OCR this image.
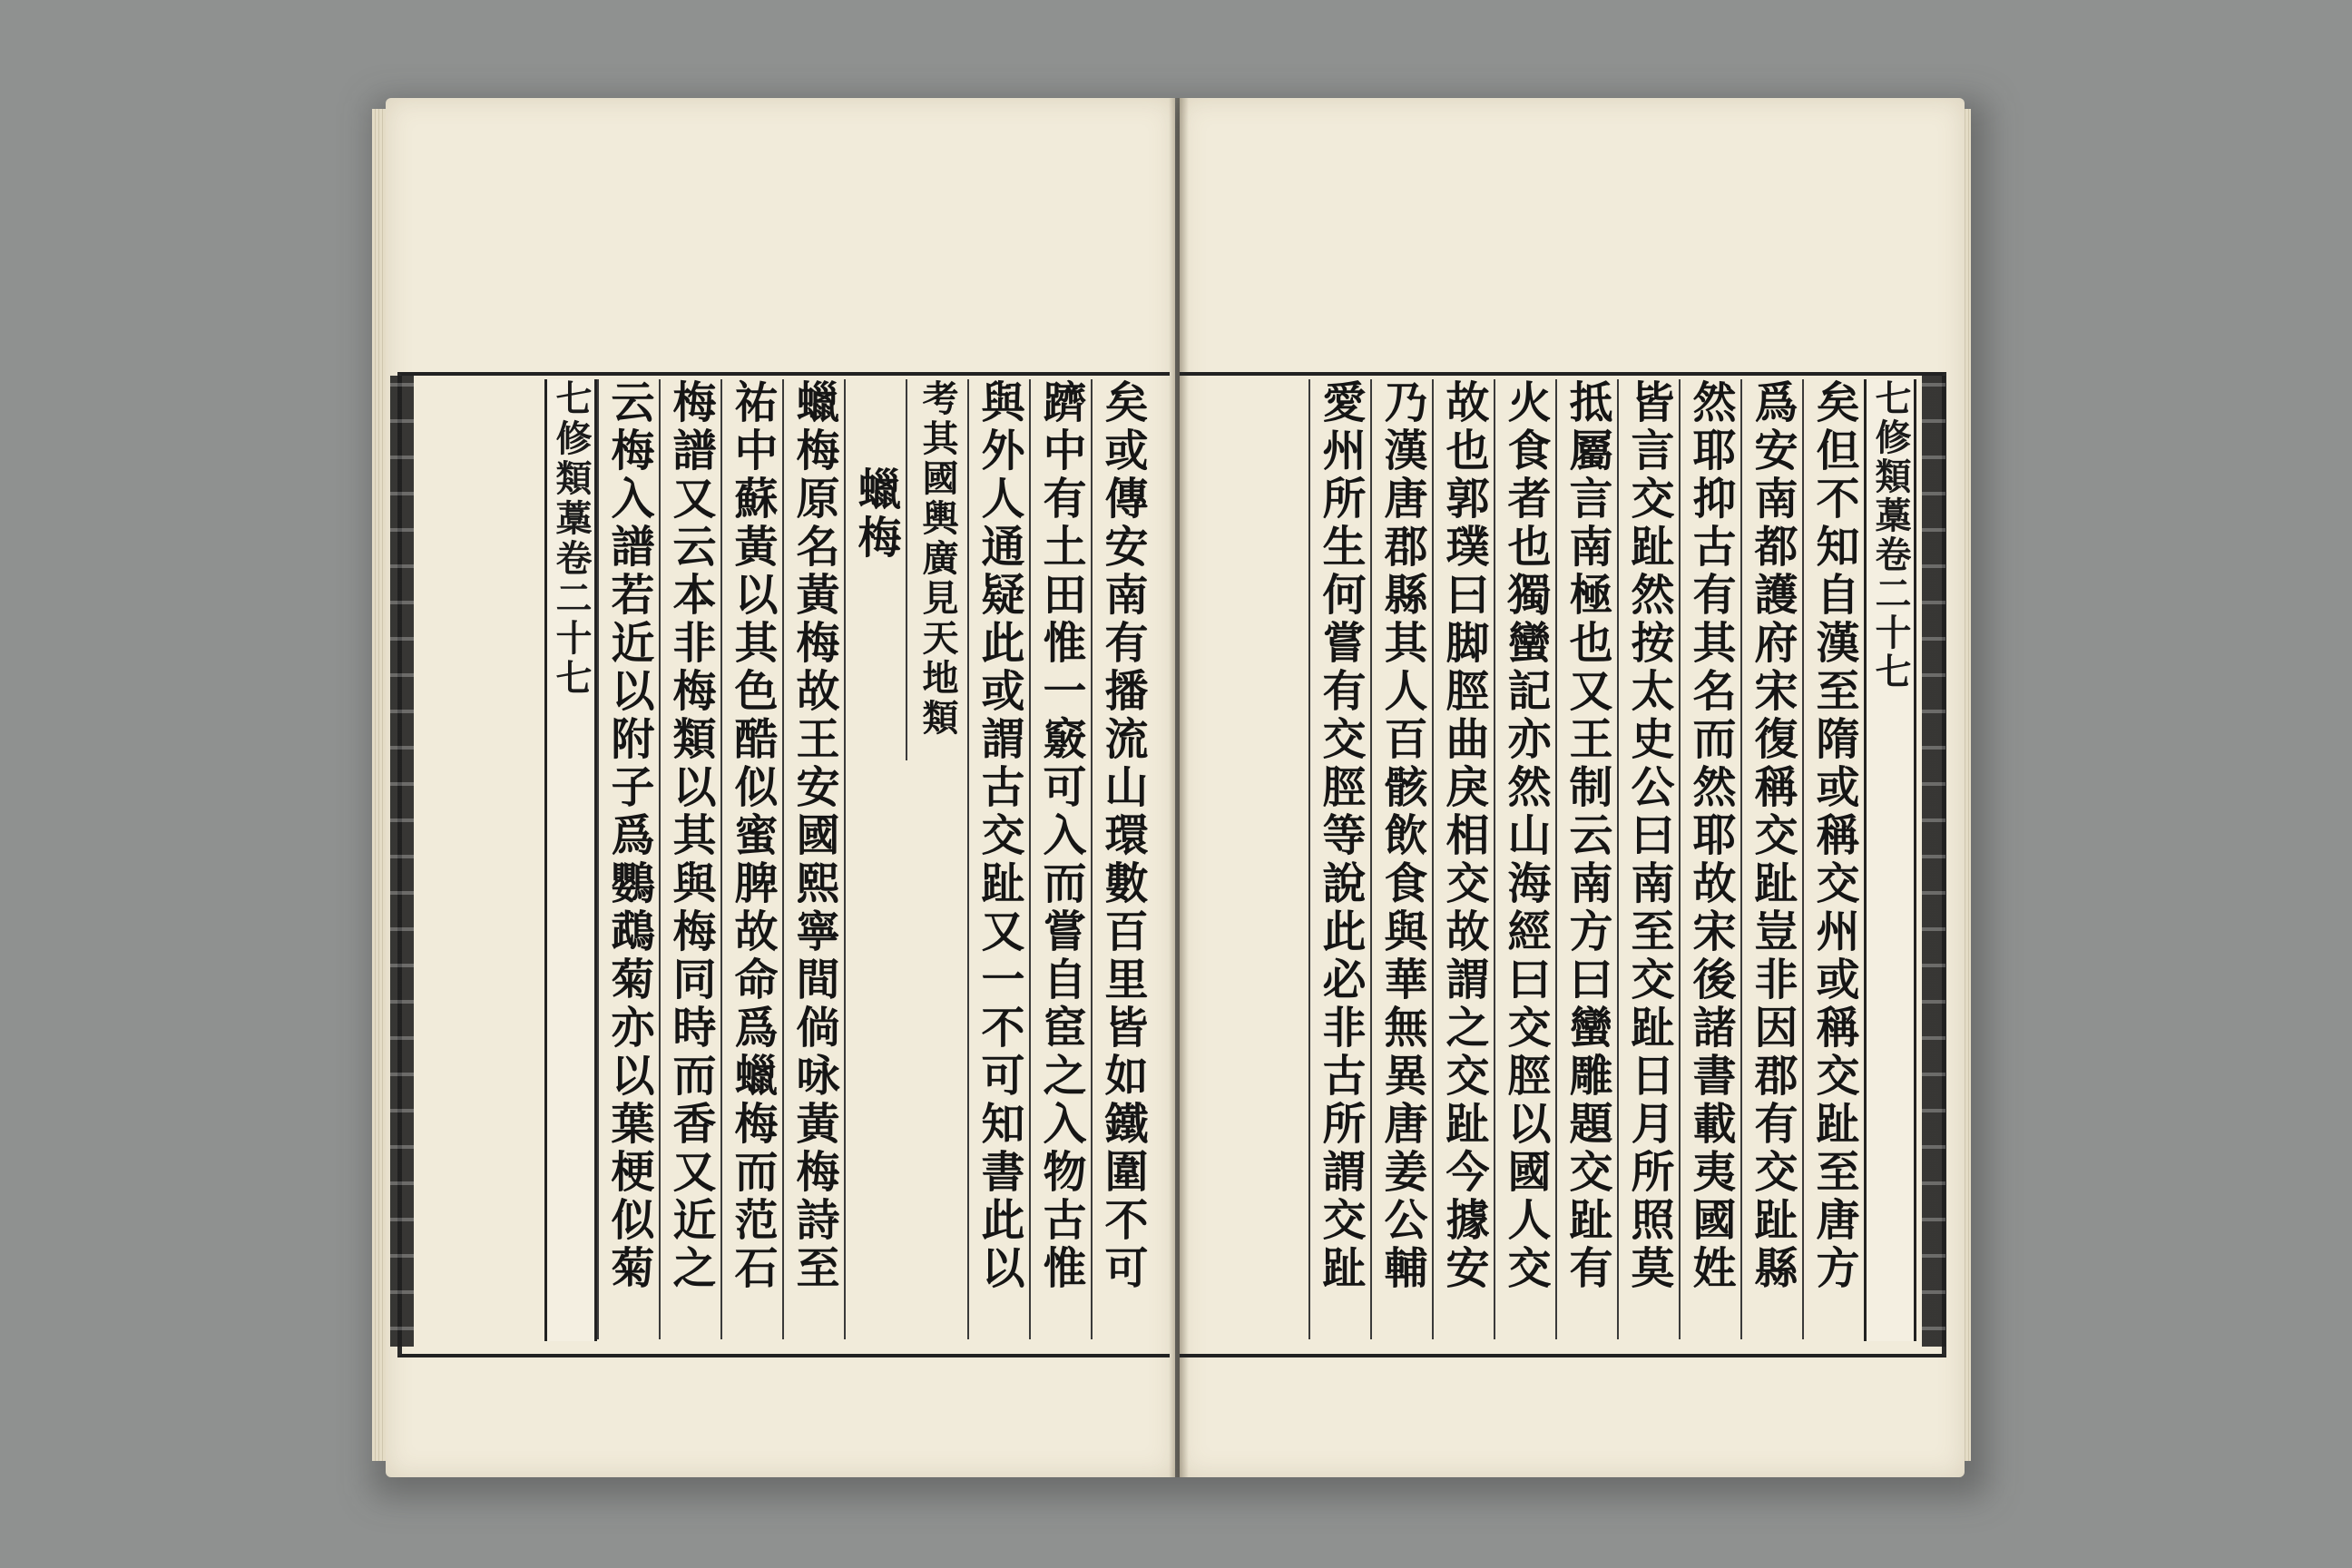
矣或傳安南有播流山環數百里皆如鐵圍不可
躋中有土田惟一竅可入而嘗自䆠之入物古惟
與外人通疑此或謂古交趾又一不可知書此以
考其國輿廣見天地類
蠟梅
蠟梅原名黃梅故王安國熙寧間倘咏黃梅詩至
祐中蘇黃以其色酷似蜜脾故命爲蠟梅而范石
梅譜又云本非梅類以其與梅同時而香又近之
云梅入譜若近以附子爲鸚鵡菊亦以葉梗似菊
七修類藁卷二十七	七修類藁卷二十七
矣但不知自漢至隋或稱交州或稱交趾至唐方
爲安南都護府宋復稱交趾豈非因郡有交趾縣
然耶抑古有其名而然耶故宋後諸書載夷國姓
皆言交趾然按太史公曰南至交趾日月所照莫
抵屬言南極也又王制云南方曰蠻雕題交趾有
火食者也獨蠻記亦然山海經曰交脛以國人交
故也郭璞曰脚脛曲戾相交故謂之交趾今據安
乃漢唐郡縣其人百骸飲食與華無異唐姜公輔
愛州所生何嘗有交脛等說此必非古所謂交趾
